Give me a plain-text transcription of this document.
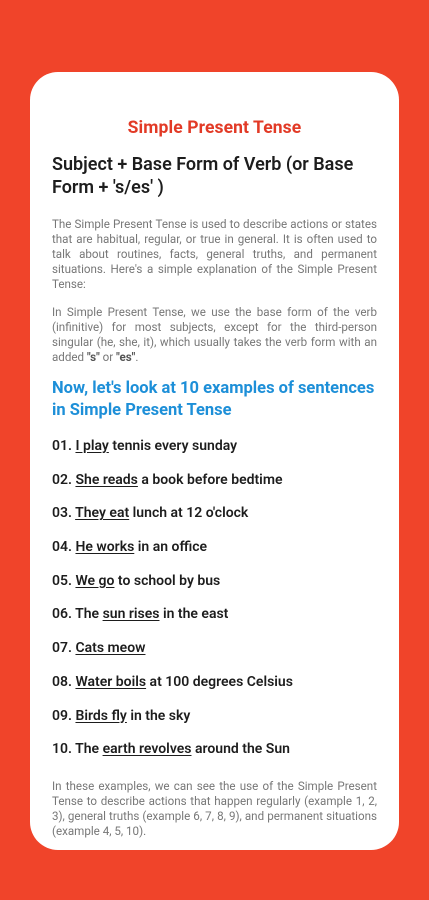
Simple Present Tense
Subject + Base Form of Verb (or Base Form + 's/es' )

The Simple Present Tense is used to describe actions or states that are habitual, regular, or true in general. It is often used to talk about routines, facts, general truths, and permanent situations. Here's a simple explanation of the Simple Present Tense:

In Simple Present Tense, we use the base form of the verb (infinitive) for most subjects, except for the third-person singular (he, she, it), which usually takes the verb form with an added "s" or "es".

Now, let's look at 10 examples of sentences in Simple Present Tense
01. I play tennis every sunday
02. She reads a book before bedtime
03. They eat lunch at 12 o'clock
04. He works in an office
05. We go to school by bus
06. The sun rises in the east
07. Cats meow
08. Water boils at 100 degrees Celsius
09. Birds fly in the sky
10. The earth revolves around the Sun

In these examples, we can see the use of the Simple Present Tense to describe actions that happen regularly (example 1, 2, 3), general truths (example 6, 7, 8, 9), and permanent situations (example 4, 5, 10).
